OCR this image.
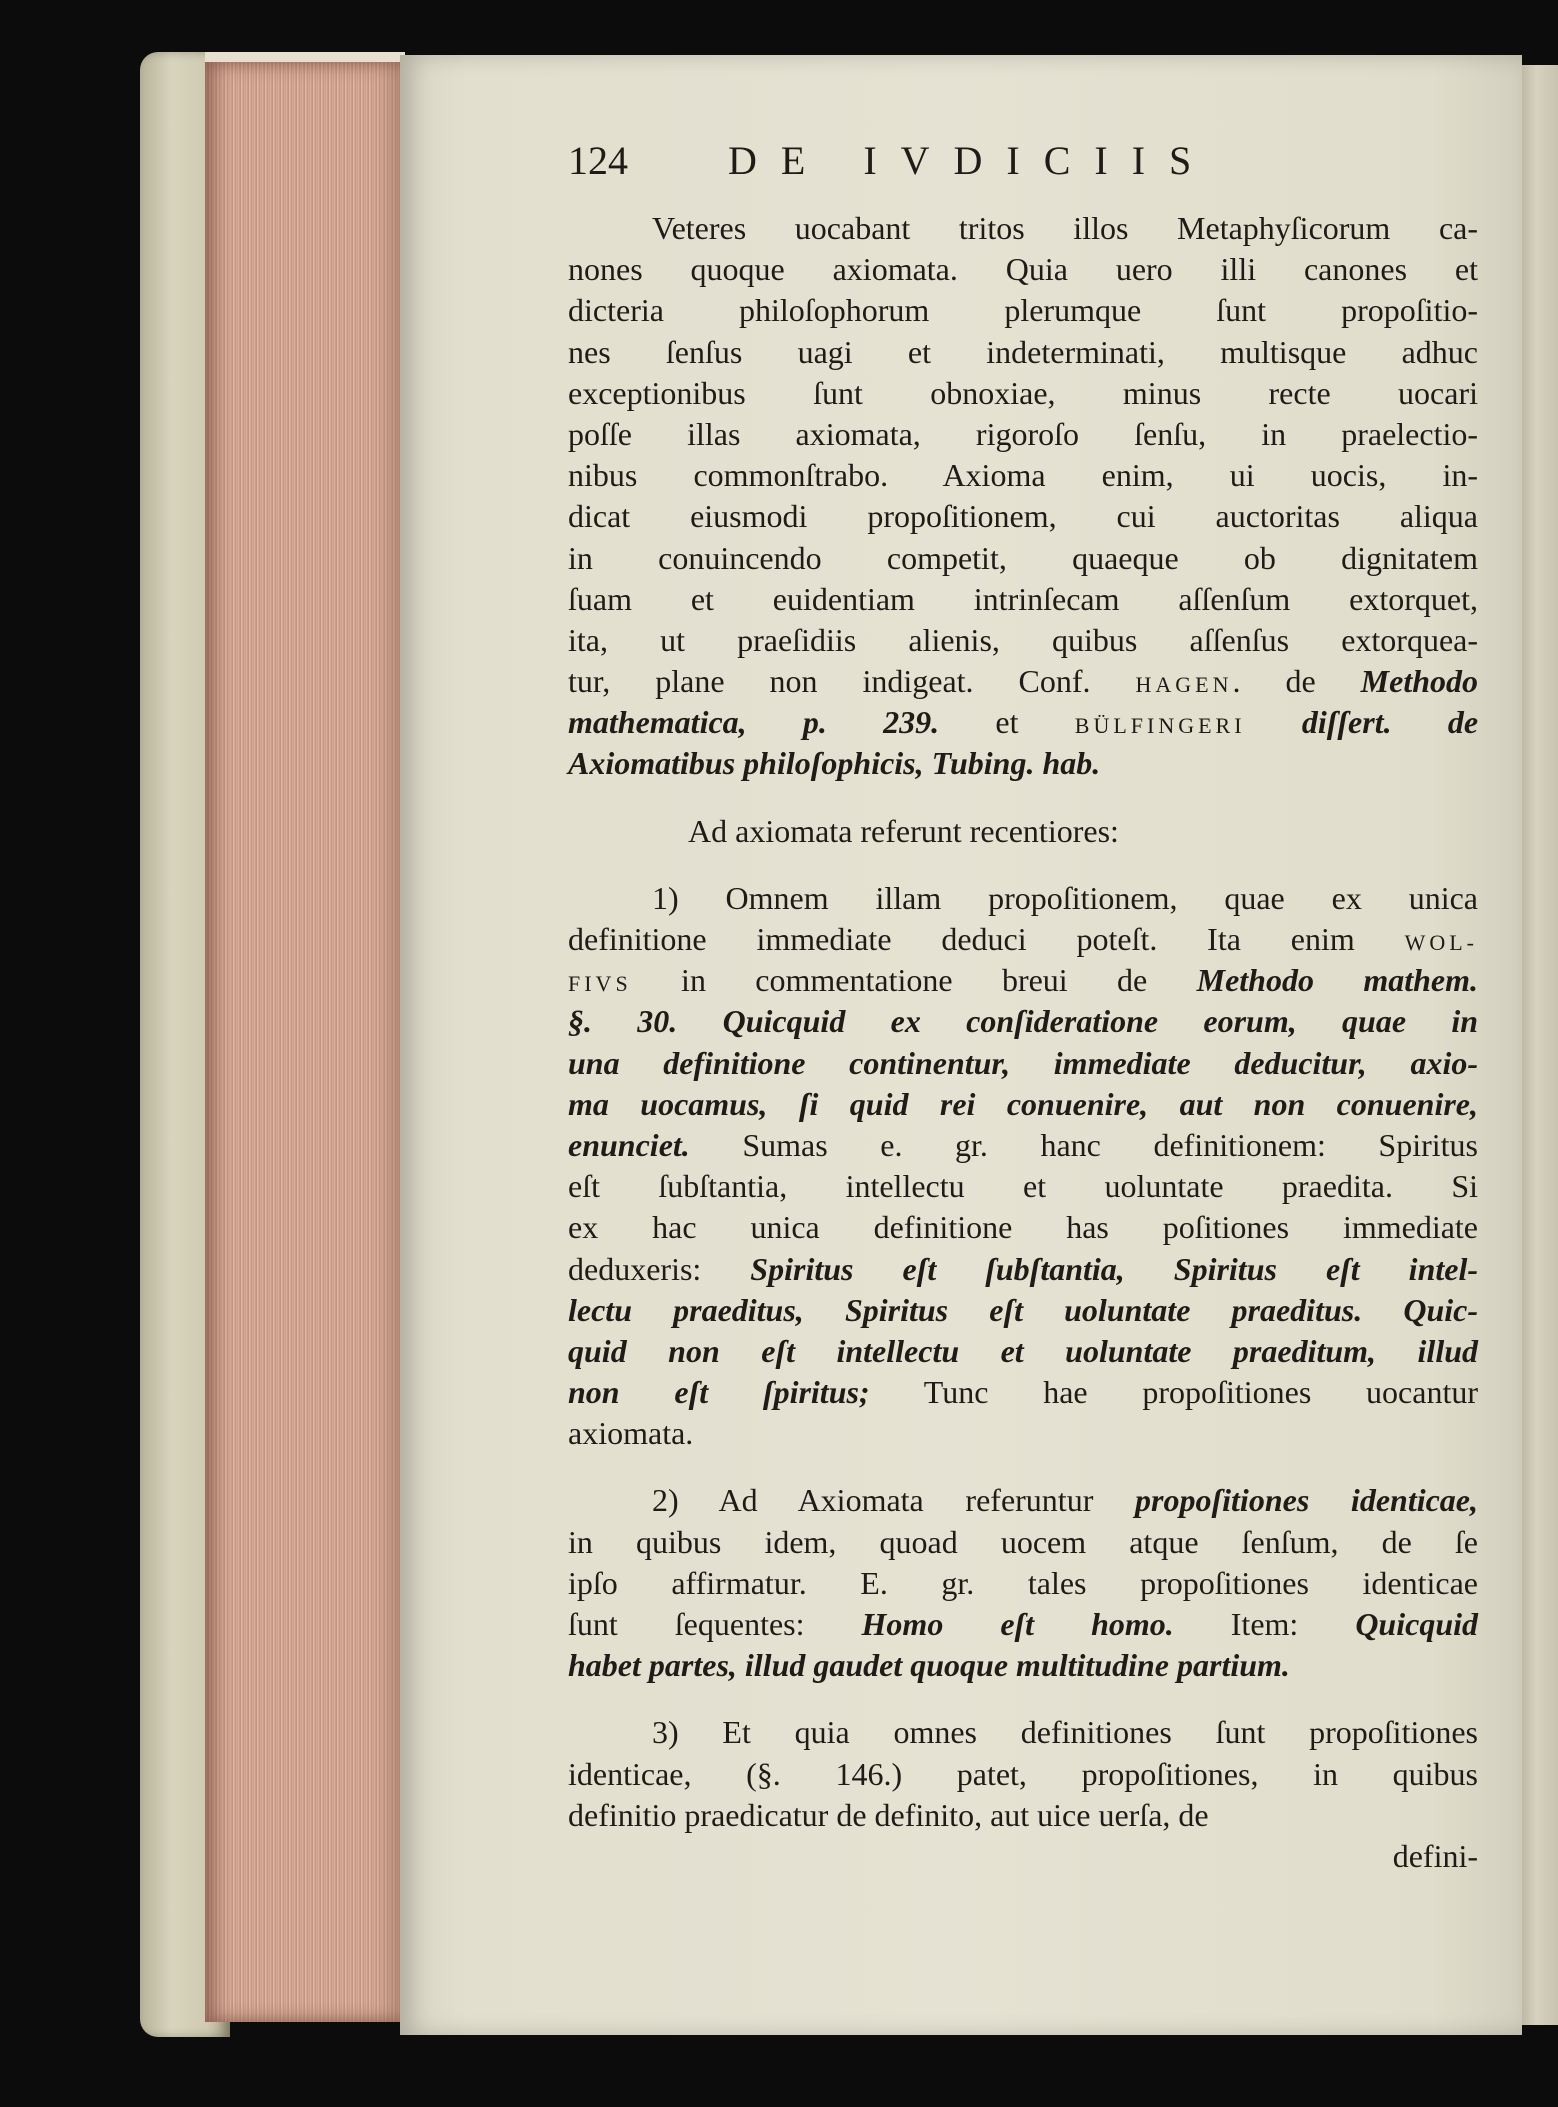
124	DE IVDICIIS
Veteres uocabant tritos illos Metaphyſicorum ca-
nones quoque axiomata. Quia uero illi canones et
dicteria philoſophorum plerumque ſunt propoſitio-
nes ſenſus uagi et indeterminati, multisque adhuc
exceptionibus ſunt obnoxiae, minus recte uocari
poſſe illas axiomata, rigoroſo ſenſu, in praelectio-
nibus commonſtrabo. Axioma enim, ui uocis, in-
dicat eiusmodi propoſitionem, cui auctoritas aliqua
in conuincendo competit, quaeque ob dignitatem
ſuam et euidentiam intrinſecam aſſenſum extorquet,
ita, ut praeſidiis alienis, quibus aſſenſus extorquea-
tur, plane non indigeat. Conf. HAGEN. de Methodo
mathematica, p. 239. et BÜLFINGERI diſſert. de
Axiomatibus philoſophicis, Tubing. hab.
Ad axiomata referunt recentiores:
1) Omnem illam propoſitionem, quae ex unica
definitione immediate deduci poteſt. Ita enim WOL-
FIVS in commentatione breui de Methodo mathem.
§. 30. Quicquid ex conſideratione eorum, quae in
una definitione continentur, immediate deducitur, axio-
ma uocamus, ſi quid rei conuenire, aut non conuenire,
enunciet. Sumas e. gr. hanc definitionem: Spiritus
eſt ſubſtantia, intellectu et uoluntate praedita. Si
ex hac unica definitione has poſitiones immediate
deduxeris: Spiritus eſt ſubſtantia, Spiritus eſt intel-
lectu praeditus, Spiritus eſt uoluntate praeditus. Quic-
quid non eſt intellectu et uoluntate praeditum, illud
non eſt ſpiritus; Tunc hae propoſitiones uocantur
axiomata.
2) Ad Axiomata referuntur propoſitiones identicae,
in quibus idem, quoad uocem atque ſenſum, de ſe
ipſo affirmatur. E. gr. tales propoſitiones identicae
ſunt ſequentes: Homo eſt homo. Item: Quicquid
habet partes, illud gaudet quoque multitudine partium.
3) Et quia omnes definitiones ſunt propoſitiones
identicae, (§. 146.) patet, propoſitiones, in quibus
definitio praedicatur de definito, aut uice uerſa, de
defini-
